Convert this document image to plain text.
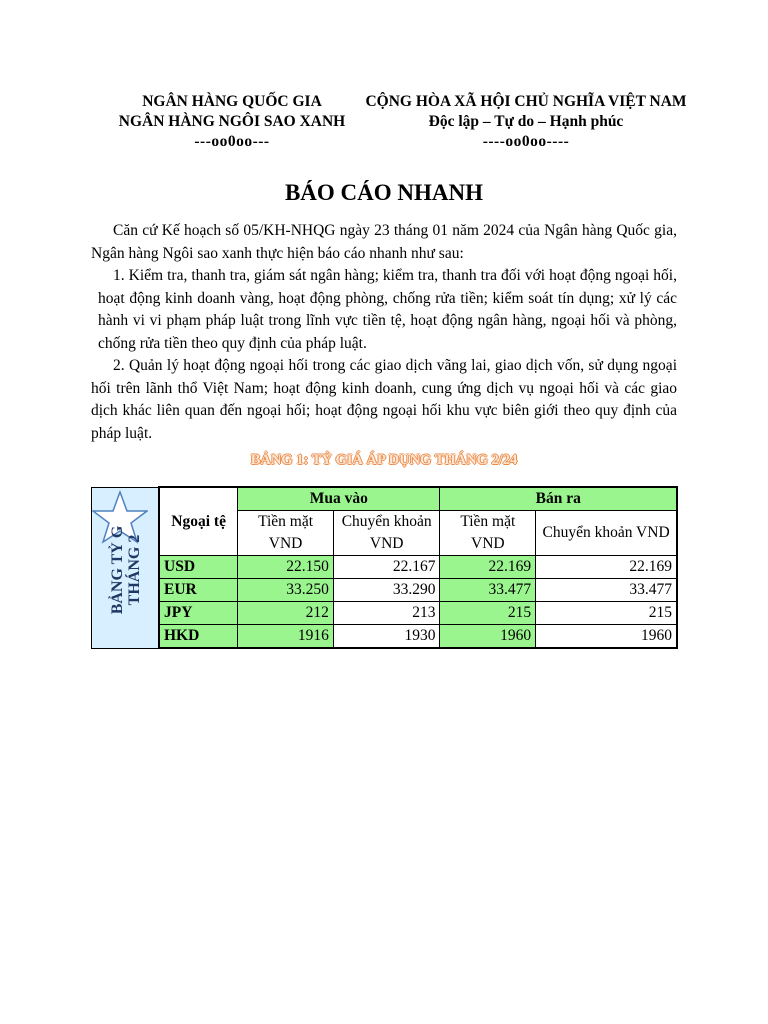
NGÂN HÀNG QUỐC GIA
NGÂN HÀNG NGÔI SAO XANH
---oo0oo---
CỘNG HÒA XÃ HỘI CHỦ NGHĨA VIỆT NAM
Độc lập – Tự do – Hạnh phúc
----oo0oo----
BÁO CÁO NHANH

Căn cứ Kế hoạch số 05/KH-NHQG ngày 23 tháng 01 năm 2024 của Ngân hàng Quốc gia, Ngân hàng Ngôi sao xanh thực hiện báo cáo nhanh như sau:

1. Kiểm tra, thanh tra, giám sát ngân hàng; kiểm tra, thanh tra đối với hoạt động ngoại hối, hoạt động kinh doanh vàng, hoạt động phòng, chống rửa tiền; kiểm soát tín dụng; xử lý các hành vi vi phạm pháp luật trong lĩnh vực tiền tệ, hoạt động ngân hàng, ngoại hối và phòng, chống rửa tiền theo quy định của pháp luật.

2. Quản lý hoạt động ngoại hối trong các giao dịch vãng lai, giao dịch vốn, sử dụng ngoại hối trên lãnh thổ Việt Nam; hoạt động kinh doanh, cung ứng dịch vụ ngoại hối và các giao dịch khác liên quan đến ngoại hối; hoạt động ngoại hối khu vực biên giới theo quy định của pháp luật.

BẢNG 1: TỶ GIÁ ÁP DỤNG THÁNG 2/24
BẢNG TỶ G THÁNG 2
Ngoại tệ	Mua vào		Bán ra	
	Tiền mặt VND	Chuyển khoản VND	Tiền mặt VND	Chuyển khoản VND
USD	22.150	22.167	22.169	22.169
EUR	33.250	33.290	33.477	33.477
JPY	212	213	215	215
HKD	1916	1930	1960	1960
